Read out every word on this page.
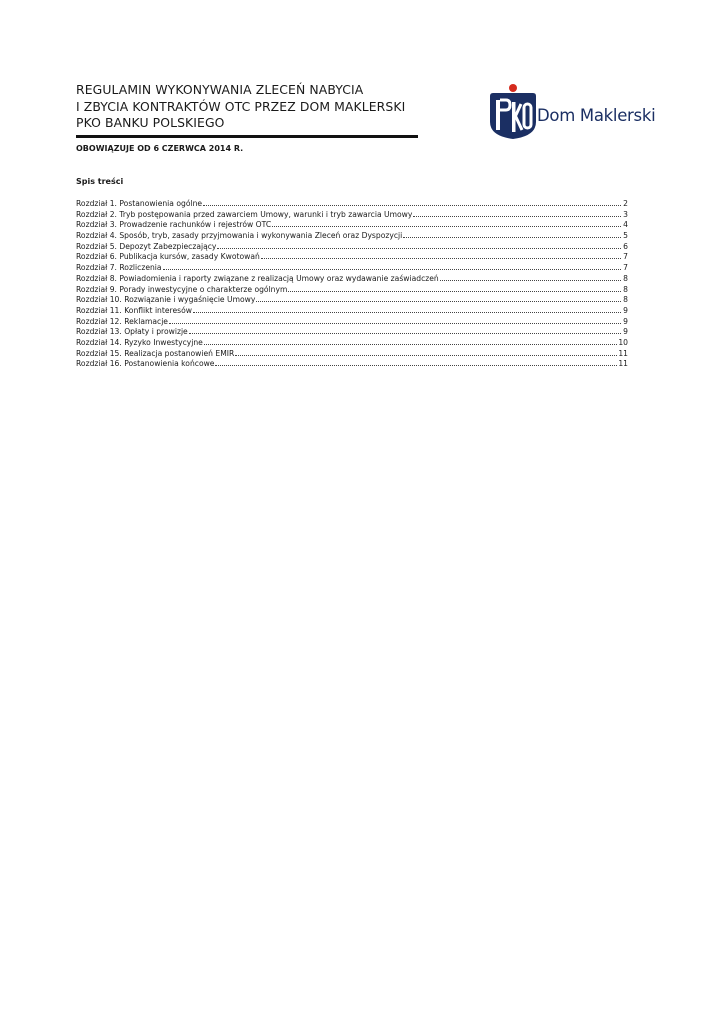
REGULAMIN WYKONYWANIA ZLECEŃ NABYCIA
I ZBYCIA KONTRAKTÓW OTC PRZEZ DOM MAKLERSKI
PKO BANKU POLSKIEGO
OBOWIĄZUJE OD 6 CZERWCA 2014 R.
Dom Maklerski
Spis treści
Rozdział 1. Postanowienia ogólne	2
Rozdział 2. Tryb postępowania przed zawarciem Umowy, warunki i tryb zawarcia Umowy	3
Rozdział 3. Prowadzenie rachunków i rejestrów OTC	4
Rozdział 4. Sposób, tryb, zasady przyjmowania i wykonywania Zleceń oraz Dyspozycji	5
Rozdział 5. Depozyt Zabezpieczający	6
Rozdział 6. Publikacja kursów, zasady Kwotowań	7
Rozdział 7. Rozliczenia	7
Rozdział 8. Powiadomienia i raporty związane z realizacją Umowy oraz wydawanie zaświadczeń	8
Rozdział 9. Porady inwestycyjne o charakterze ogólnym	8
Rozdział 10. Rozwiązanie i wygaśnięcie Umowy	8
Rozdział 11. Konflikt interesów	9
Rozdział 12. Reklamacje	9
Rozdział 13. Opłaty i prowizje	9
Rozdział 14. Ryzyko Inwestycyjne	10
Rozdział 15. Realizacja postanowień EMIR	11
Rozdział 16. Postanowienia końcowe	11
